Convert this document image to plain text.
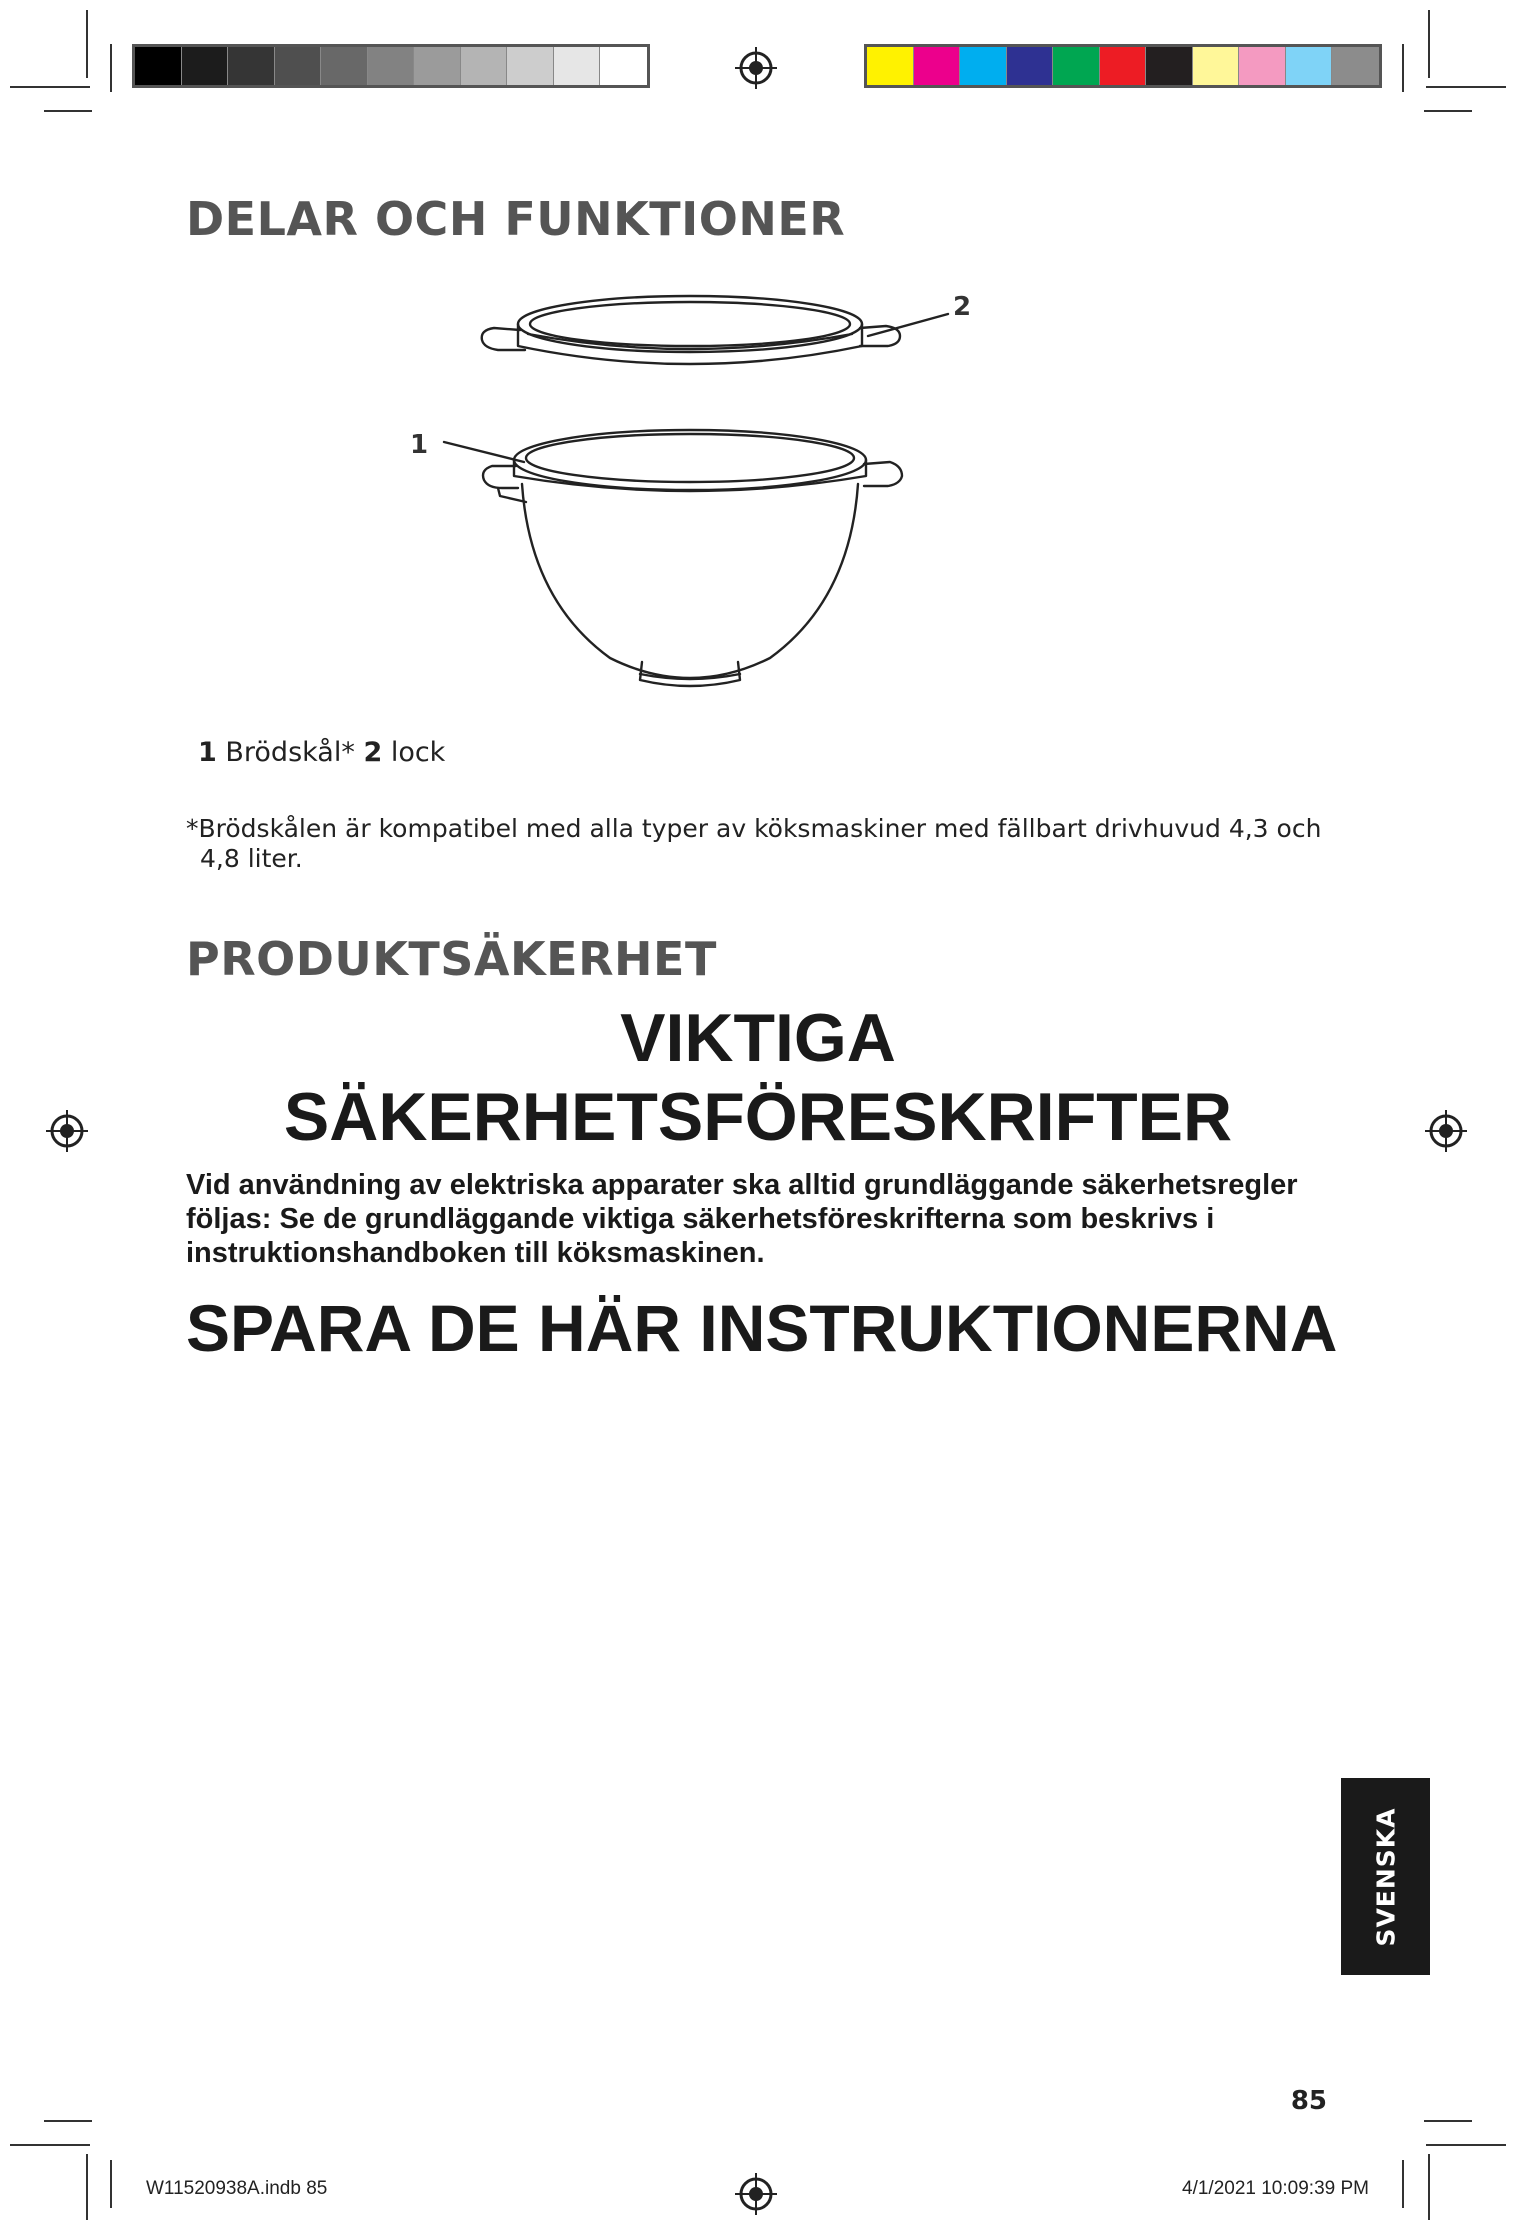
DELAR OCH FUNKTIONER
2
1
1 Brödskål* 2 lock
*Brödskålen är kompatibel med alla typer av köksmaskiner med fällbart drivhuvud 4,3 och 4,8 liter.
PRODUKTSÄKERHET
VIKTIGA
SÄKERHETSFÖRESKRIFTER

Vid användning av elektriska apparater ska alltid grundläggande säkerhetsregler följas: Se de grundläggande viktiga säkerhetsföreskrifterna som beskrivs i instruktionshandboken till köksmaskinen.

SPARA DE HÄR INSTRUKTIONERNA
SVENSKA
85
W11520938A.indb 85	4/1/2021 10:09:39 PM
